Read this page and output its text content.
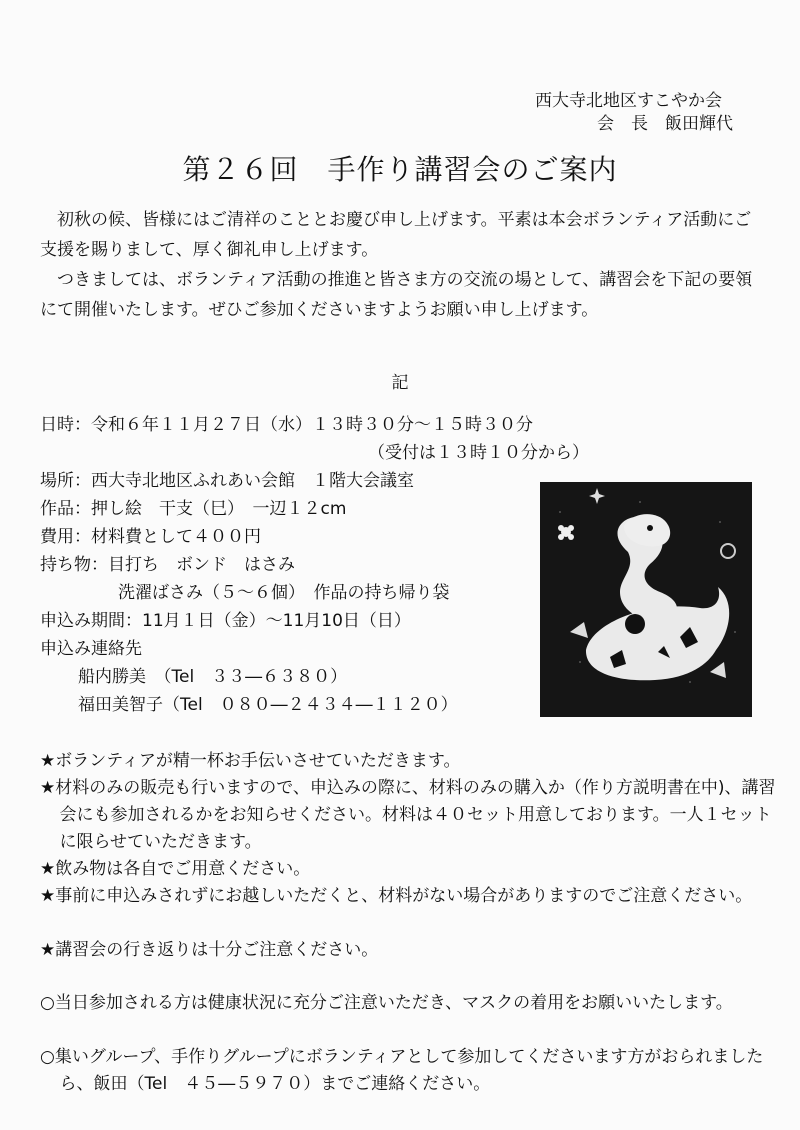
西大寺北地区すこやか会
会　長　飯田輝代
第２６回　手作り講習会のご案内

初秋の候、皆様にはご清祥のこととお慶び申し上げます。平素は本会ボランティア活動にご支援を賜りまして、厚く御礼申し上げます。

つきましては、ボランティア活動の推進と皆さま方の交流の場として、講習会を下記の要領にて開催いたします。ぜひご参加くださいますようお願い申し上げます。

記
日時：令和６年１１月２７日（水）１３時３０分～１５時３０分
（受付は１３時１０分から）
場所：西大寺北地区ふれあい会館　１階大会議室
作品：押し絵　干支（巳）　一辺１２cm
費用：材料費として４００円
持ち物：目打ち　ボンド　はさみ
洗濯ばさみ（５～６個）　作品の持ち帰り袋
申込み期間：11月１日（金）～11月10日（日）
申込み連絡先
船内勝美　（Tel　３３―６３８０）
福田美智子（Tel　０８０―２４３４―１１２０）

★ボランティアが精一杯お手伝いさせていただきます。

★材料のみの販売も行いますので、申込みの際に、材料のみの購入か（作り方説明書在中)、講習会にも参加されるかをお知らせください。材料は４０セット用意しております。一人１セットに限らせていただきます。

★飲み物は各自でご用意ください。

★事前に申込みされずにお越しいただくと、材料がない場合がありますのでご注意ください。

★講習会の行き返りは十分ご注意ください。

○当日参加される方は健康状況に充分ご注意いただき、マスクの着用をお願いいたします。

○集いグループ、手作りグループにボランティアとして参加してくださいます方がおられましたら、飯田（Tel　４５―５９７０）までご連絡ください。
